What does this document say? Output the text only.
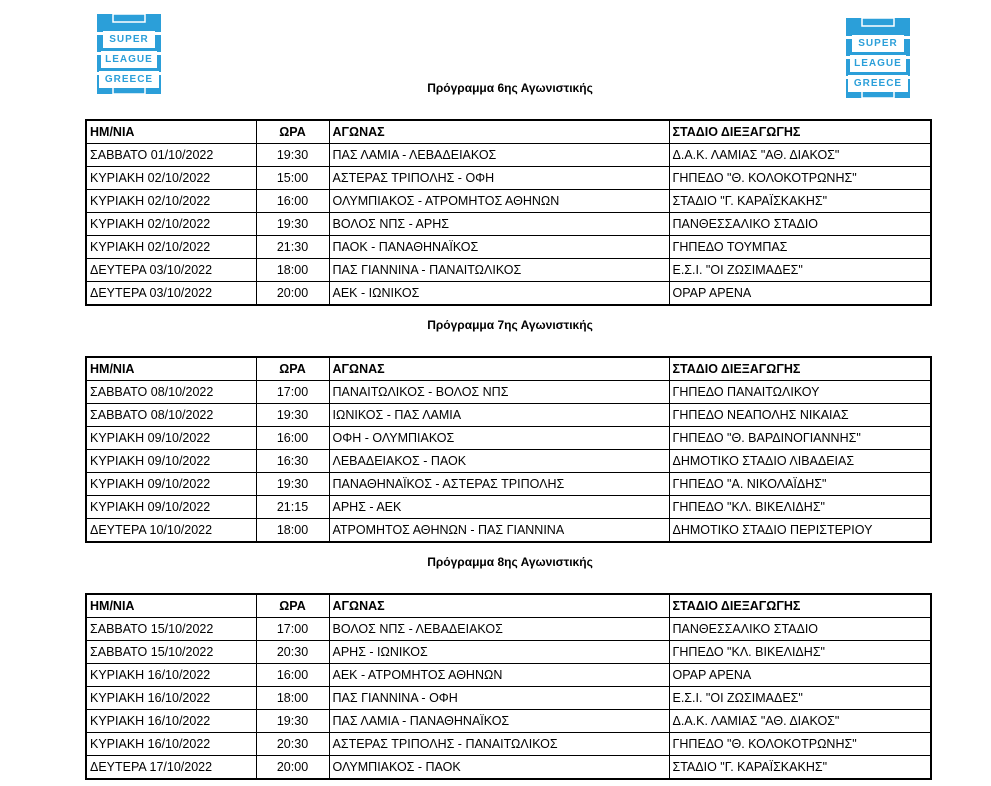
SUPER
LEAGUE
GREECE
SUPER
LEAGUE
GREECE
Πρόγραμμα 6ης Αγωνιστικής
Πρόγραμμα 7ης Αγωνιστικής
Πρόγραμμα 8ης Αγωνιστικής
ΗΜ/ΝΙΑ	ΩΡΑ	ΑΓΩΝΑΣ	ΣΤΑΔΙΟ ΔΙΕΞΑΓΩΓΗΣ
ΣΑΒΒΑΤΟ 01/10/2022	19:30	ΠΑΣ ΛΑΜΙΑ - ΛΕΒΑΔΕΙΑΚΟΣ	Δ.Α.Κ. ΛΑΜΙΑΣ "ΑΘ. ΔΙΑΚΟΣ"
ΚΥΡΙΑΚΗ 02/10/2022	15:00	ΑΣΤΕΡΑΣ ΤΡΙΠΟΛΗΣ - ΟΦΗ	ΓΗΠΕΔΟ "Θ. ΚΟΛΟΚΟΤΡΩΝΗΣ"
ΚΥΡΙΑΚΗ 02/10/2022	16:00	ΟΛΥΜΠΙΑΚΟΣ - ΑΤΡΟΜΗΤΟΣ ΑΘΗΝΩΝ	ΣΤΑΔΙΟ "Γ. ΚΑΡΑΪΣΚΑΚΗΣ"
ΚΥΡΙΑΚΗ 02/10/2022	19:30	ΒΟΛΟΣ ΝΠΣ - ΑΡΗΣ	ΠΑΝΘΕΣΣΑΛΙΚΟ ΣΤΑΔΙΟ
ΚΥΡΙΑΚΗ 02/10/2022	21:30	ΠΑΟΚ - ΠΑΝΑΘΗΝΑΪΚΟΣ	ΓΗΠΕΔΟ ΤΟΥΜΠΑΣ
ΔΕΥΤΕΡΑ 03/10/2022	18:00	ΠΑΣ ΓΙΑΝΝΙΝΑ - ΠΑΝΑΙΤΩΛΙΚΟΣ	Ε.Σ.Ι. "ΟΙ ΖΩΣΙΜΑΔΕΣ"
ΔΕΥΤΕΡΑ 03/10/2022	20:00	ΑΕΚ - ΙΩΝΙΚΟΣ	ΟΡΑΡ ΑΡΕΝΑ
ΗΜ/ΝΙΑ	ΩΡΑ	ΑΓΩΝΑΣ	ΣΤΑΔΙΟ ΔΙΕΞΑΓΩΓΗΣ
ΣΑΒΒΑΤΟ 08/10/2022	17:00	ΠΑΝΑΙΤΩΛΙΚΟΣ - ΒΟΛΟΣ ΝΠΣ	ΓΗΠΕΔΟ ΠΑΝΑΙΤΩΛΙΚΟΥ
ΣΑΒΒΑΤΟ 08/10/2022	19:30	ΙΩΝΙΚΟΣ - ΠΑΣ ΛΑΜΙΑ	ΓΗΠΕΔΟ ΝΕΑΠΟΛΗΣ ΝΙΚΑΙΑΣ
ΚΥΡΙΑΚΗ 09/10/2022	16:00	ΟΦΗ - ΟΛΥΜΠΙΑΚΟΣ	ΓΗΠΕΔΟ "Θ. ΒΑΡΔΙΝΟΓΙΑΝΝΗΣ"
ΚΥΡΙΑΚΗ 09/10/2022	16:30	ΛΕΒΑΔΕΙΑΚΟΣ - ΠΑΟΚ	ΔΗΜΟΤΙΚΟ ΣΤΑΔΙΟ ΛΙΒΑΔΕΙΑΣ
ΚΥΡΙΑΚΗ 09/10/2022	19:30	ΠΑΝΑΘΗΝΑΪΚΟΣ - ΑΣΤΕΡΑΣ ΤΡΙΠΟΛΗΣ	ΓΗΠΕΔΟ "Α. ΝΙΚΟΛΑΪΔΗΣ"
ΚΥΡΙΑΚΗ 09/10/2022	21:15	ΑΡΗΣ - ΑΕΚ	ΓΗΠΕΔΟ "ΚΛ. ΒΙΚΕΛΙΔΗΣ"
ΔΕΥΤΕΡΑ 10/10/2022	18:00	ΑΤΡΟΜΗΤΟΣ ΑΘΗΝΩΝ - ΠΑΣ ΓΙΑΝΝΙΝΑ	ΔΗΜΟΤΙΚΟ ΣΤΑΔΙΟ ΠΕΡΙΣΤΕΡΙΟΥ
ΗΜ/ΝΙΑ	ΩΡΑ	ΑΓΩΝΑΣ	ΣΤΑΔΙΟ ΔΙΕΞΑΓΩΓΗΣ
ΣΑΒΒΑΤΟ 15/10/2022	17:00	ΒΟΛΟΣ ΝΠΣ - ΛΕΒΑΔΕΙΑΚΟΣ	ΠΑΝΘΕΣΣΑΛΙΚΟ ΣΤΑΔΙΟ
ΣΑΒΒΑΤΟ 15/10/2022	20:30	ΑΡΗΣ - ΙΩΝΙΚΟΣ	ΓΗΠΕΔΟ "ΚΛ. ΒΙΚΕΛΙΔΗΣ"
ΚΥΡΙΑΚΗ 16/10/2022	16:00	ΑΕΚ - ΑΤΡΟΜΗΤΟΣ ΑΘΗΝΩΝ	ΟΡΑΡ ΑΡΕΝΑ
ΚΥΡΙΑΚΗ 16/10/2022	18:00	ΠΑΣ ΓΙΑΝΝΙΝΑ - ΟΦΗ	Ε.Σ.Ι. "ΟΙ ΖΩΣΙΜΑΔΕΣ"
ΚΥΡΙΑΚΗ 16/10/2022	19:30	ΠΑΣ ΛΑΜΙΑ - ΠΑΝΑΘΗΝΑΪΚΟΣ	Δ.Α.Κ. ΛΑΜΙΑΣ "ΑΘ. ΔΙΑΚΟΣ"
ΚΥΡΙΑΚΗ 16/10/2022	20:30	ΑΣΤΕΡΑΣ ΤΡΙΠΟΛΗΣ - ΠΑΝΑΙΤΩΛΙΚΟΣ	ΓΗΠΕΔΟ "Θ. ΚΟΛΟΚΟΤΡΩΝΗΣ"
ΔΕΥΤΕΡΑ 17/10/2022	20:00	ΟΛΥΜΠΙΑΚΟΣ - ΠΑΟΚ	ΣΤΑΔΙΟ "Γ. ΚΑΡΑΪΣΚΑΚΗΣ"
